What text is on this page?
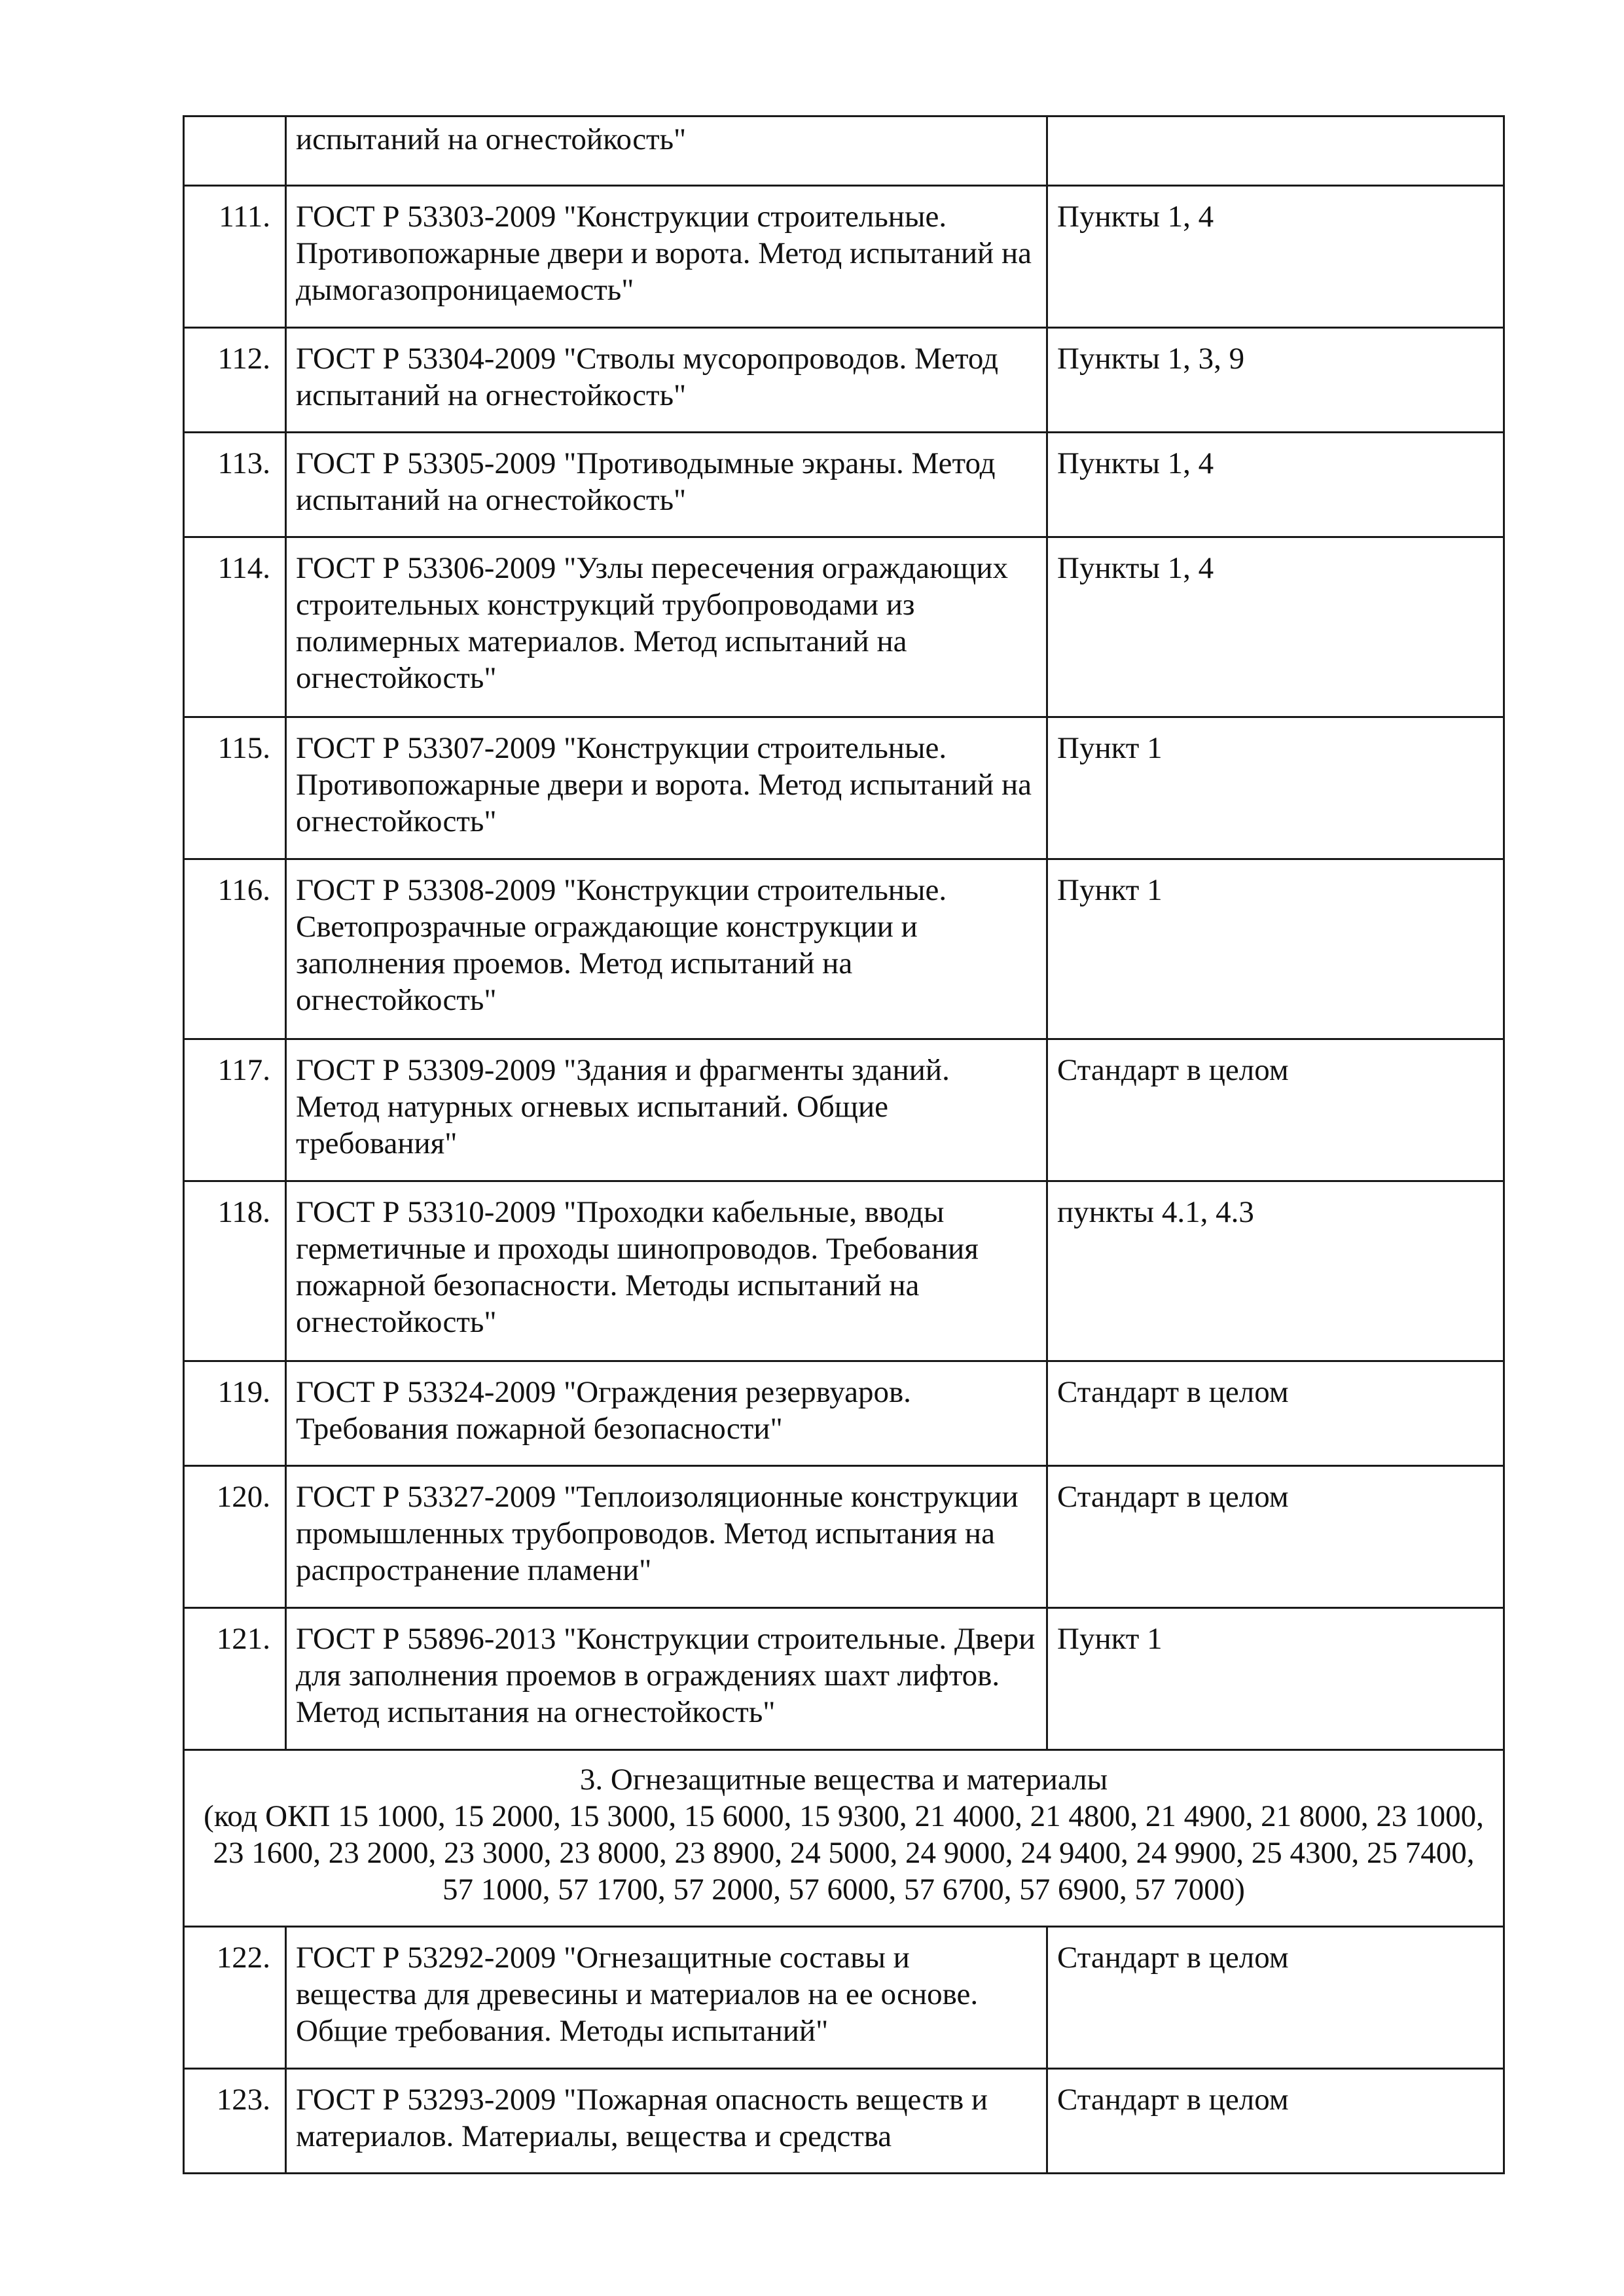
	испытаний на огнестойкость"	
111.	ГОСТ Р 53303-2009 "Конструкции строительные. Противопожарные двери и ворота. Метод испытаний на дымогазопроницаемость"	Пункты 1, 4
112.	ГОСТ Р 53304-2009 "Стволы мусоропроводов. Метод испытаний на огнестойкость"	Пункты 1, 3, 9
113.	ГОСТ Р 53305-2009 "Противодымные экраны. Метод испытаний на огнестойкость"	Пункты 1, 4
114.	ГОСТ Р 53306-2009 "Узлы пересечения ограждающих строительных конструкций трубопроводами из полимерных материалов. Метод испытаний на огнестойкость"	Пункты 1, 4
115.	ГОСТ Р 53307-2009 "Конструкции строительные. Противопожарные двери и ворота. Метод испытаний на огнестойкость"	Пункт 1
116.	ГОСТ Р 53308-2009 "Конструкции строительные. Светопрозрачные ограждающие конструкции и заполнения проемов. Метод испытаний на огнестойкость"	Пункт 1
117.	ГОСТ Р 53309-2009 "Здания и фрагменты зданий. Метод натурных огневых испытаний. Общие требования"	Стандарт в целом
118.	ГОСТ Р 53310-2009 "Проходки кабельные, вводы герметичные и проходы шинопроводов. Требования пожарной безопасности. Методы испытаний на огнестойкость"	пункты 4.1, 4.3
119.	ГОСТ Р 53324-2009 "Ограждения резервуаров. Требования пожарной безопасности"	Стандарт в целом
120.	ГОСТ Р 53327-2009 "Теплоизоляционные конструкции промышленных трубопроводов. Метод испытания на распространение пламени"	Стандарт в целом
121.	ГОСТ Р 55896-2013 "Конструкции строительные. Двери для заполнения проемов в ограждениях шахт лифтов. Метод испытания на огнестойкость"	Пункт 1

3. Огнезащитные вещества и материалы
(код ОКП 15 1000, 15 2000, 15 3000, 15 6000, 15 9300, 21 4000, 21 4800, 21 4900, 21 8000, 23 1000, 23 1600, 23 2000, 23 3000, 23 8000, 23 8900, 24 5000, 24 9000, 24 9400, 24 9900, 25 4300, 25 7400, 57 1000, 57 1700, 57 2000, 57 6000, 57 6700, 57 6900, 57 7000)		

122.	ГОСТ Р 53292-2009 "Огнезащитные составы и вещества для древесины и материалов на ее основе. Общие требования. Методы испытаний"	Стандарт в целом
123.	ГОСТ Р 53293-2009 "Пожарная опасность веществ и материалов. Материалы, вещества и средства	Стандарт в целом
